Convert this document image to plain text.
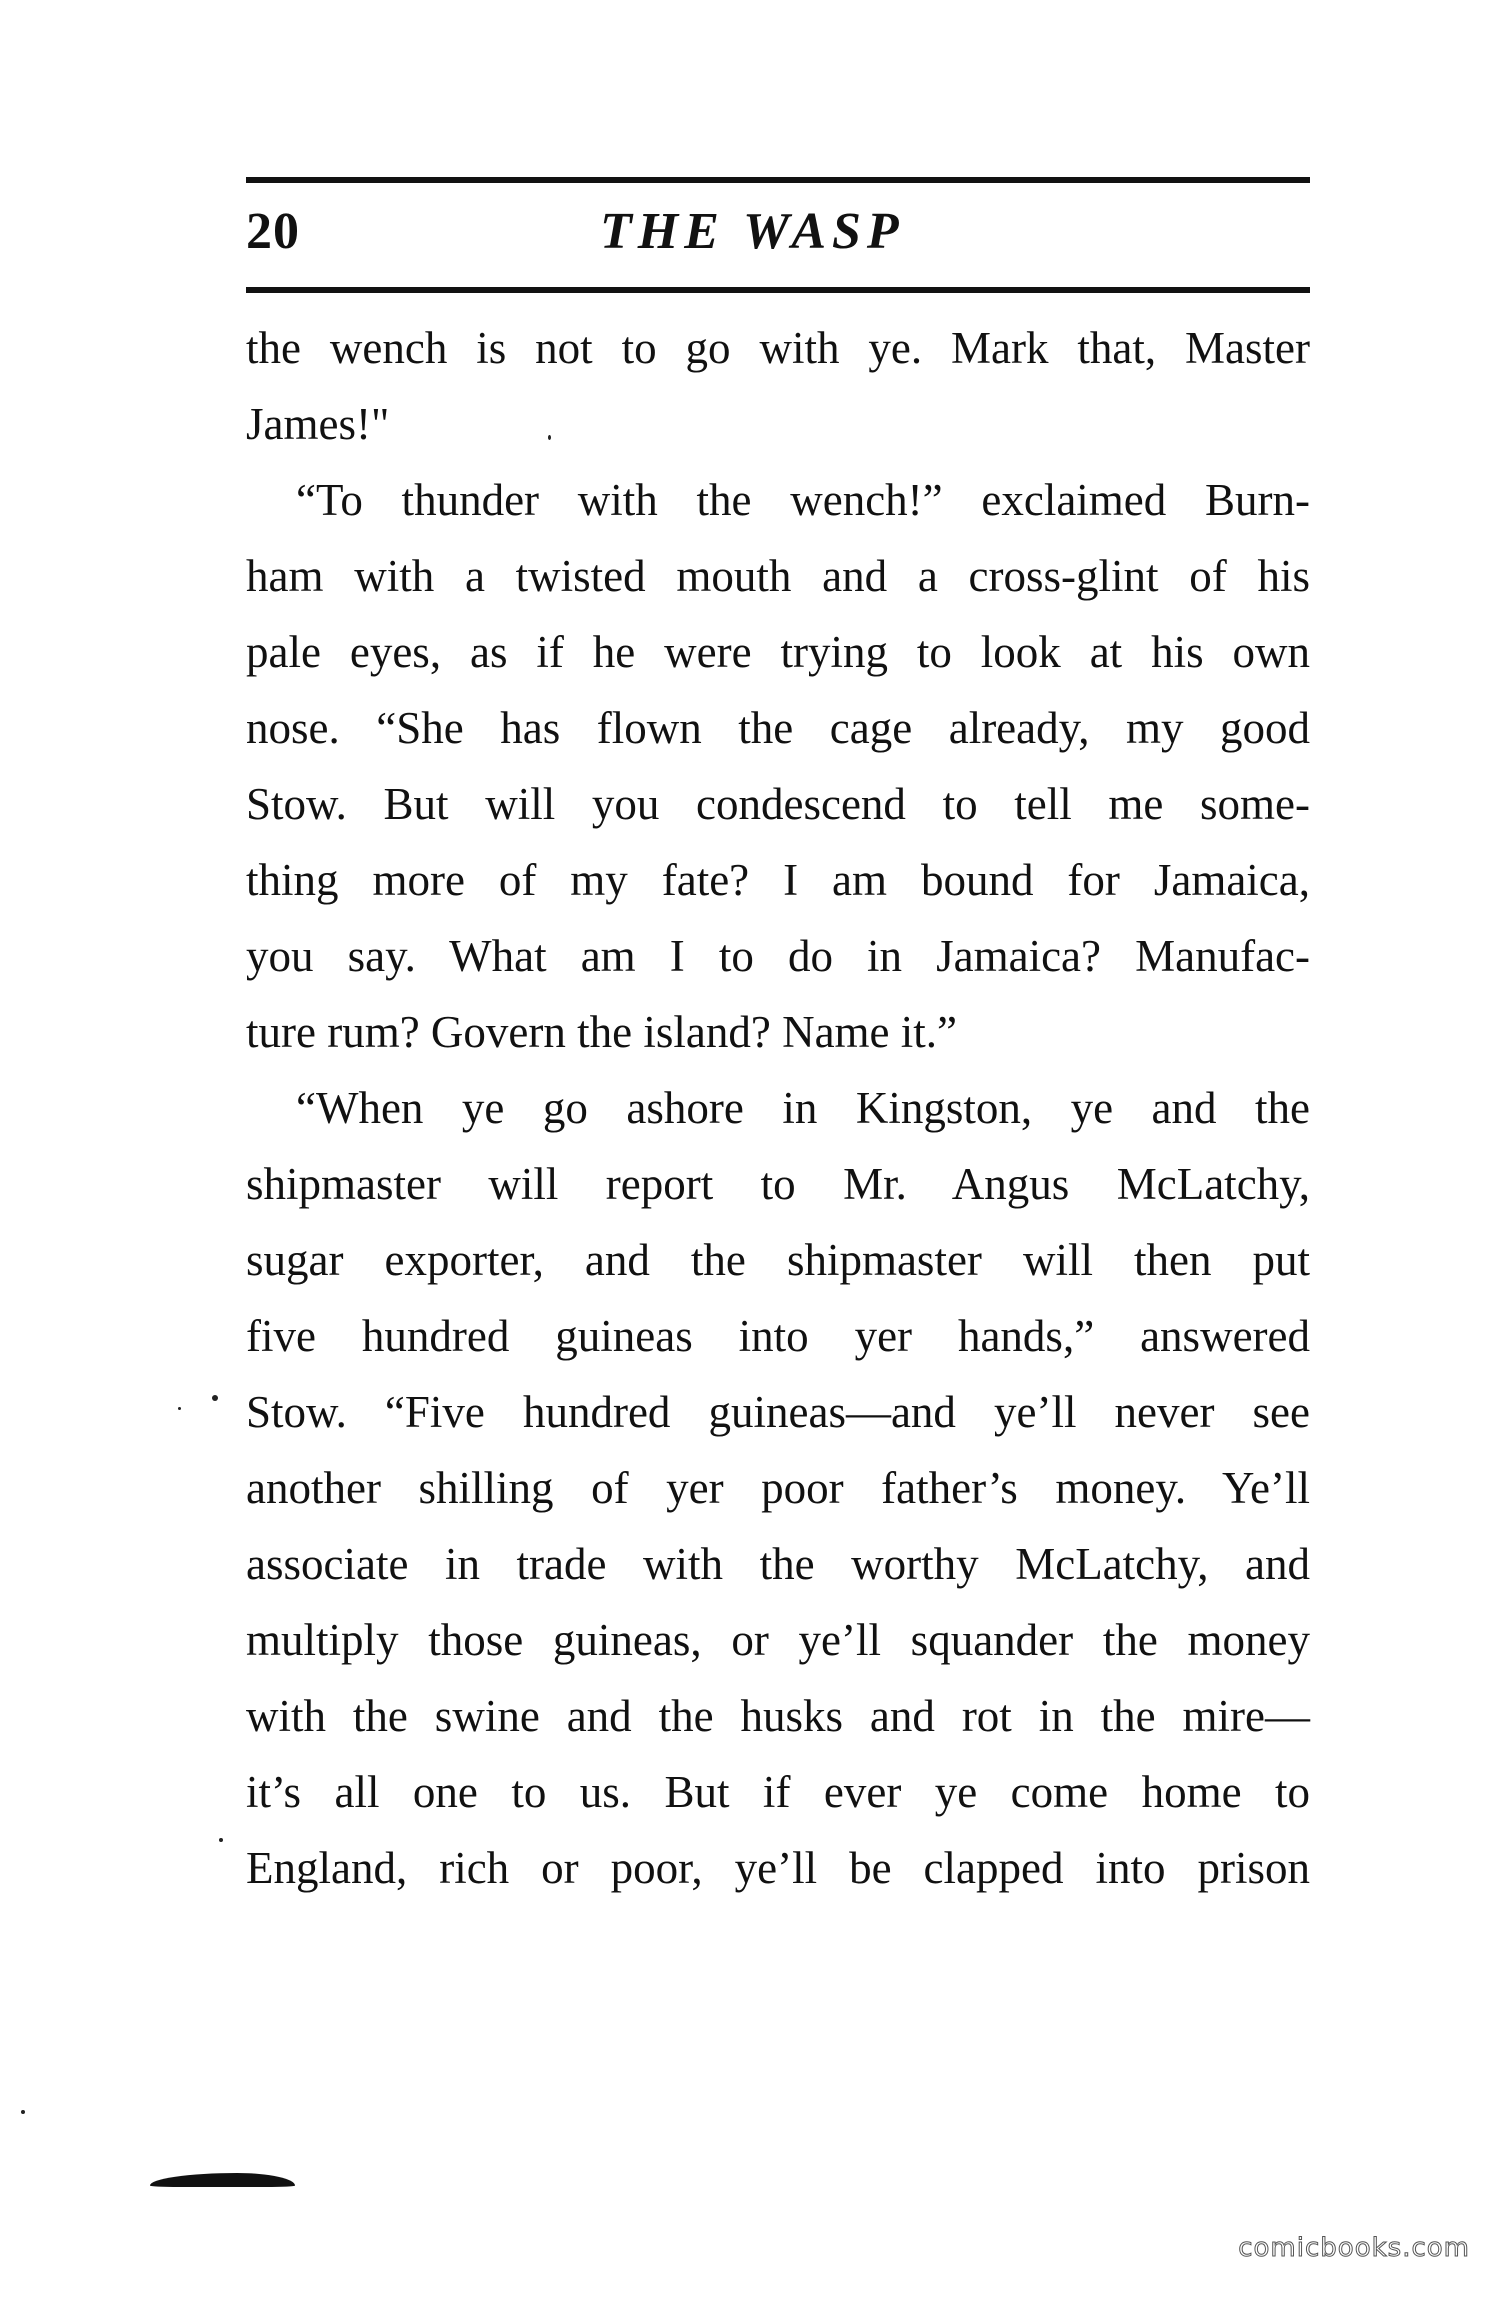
20	THE WASP
the wench is not to go with ye. Mark that, Master
James!"
“To thunder with the wench!” exclaimed Burn-
ham with a twisted mouth and a cross-glint of his
pale eyes, as if he were trying to look at his own
nose. “She has flown the cage already, my good
Stow. But will you condescend to tell me some-
thing more of my fate? I am bound for Jamaica,
you say. What am I to do in Jamaica? Manufac-
ture rum? Govern the island? Name it.”
“When ye go ashore in Kingston, ye and the
shipmaster will report to Mr. Angus McLatchy,
sugar exporter, and the shipmaster will then put
five hundred guineas into yer hands,” answered
Stow. “Five hundred guineas—and ye’ll never see
another shilling of yer poor father’s money. Ye’ll
associate in trade with the worthy McLatchy, and
multiply those guineas, or ye’ll squander the money
with the swine and the husks and rot in the mire—
it’s all one to us. But if ever ye come home to
England, rich or poor, ye’ll be clapped into prison
comicbooks.com
